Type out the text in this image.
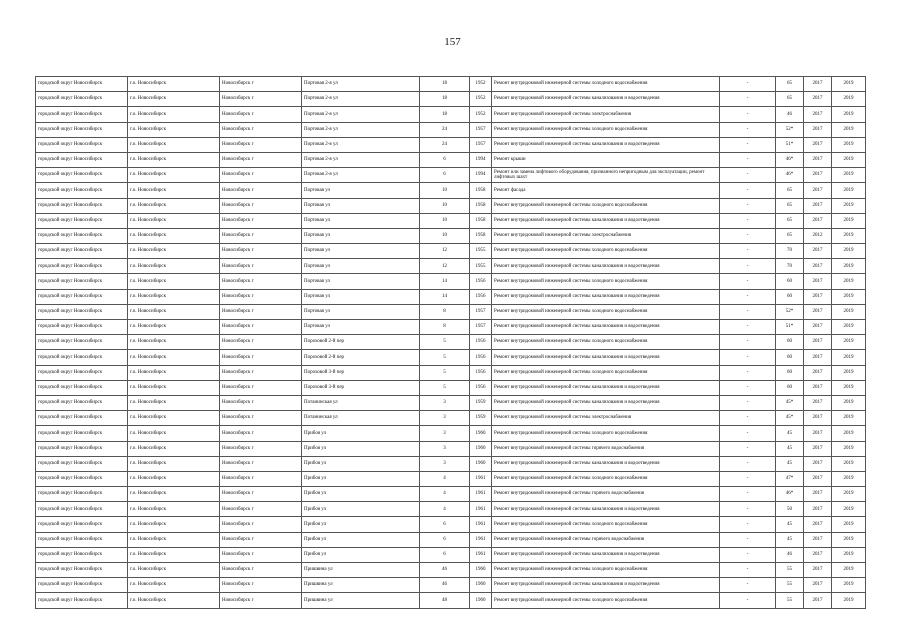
157
городской округ Новосибирск	г.о. Новосибирск	Новосибирск г	Портовая 2-я ул	18	1952	Ремонт внутридомовой инженерной системы холодного водоснабжения	-	65	2017	2019
городской округ Новосибирск	г.о. Новосибирск	Новосибирск г	Портовая 2-я ул	18	1952	Ремонт внутридомовой инженерной системы канализования и водоотведения	-	65	2017	2019
городской округ Новосибирск	г.о. Новосибирск	Новосибирск г	Портовая 2-я ул	18	1952	Ремонт внутридомовой инженерной системы электроснабжения	-	46	2017	2019
городской округ Новосибирск	г.о. Новосибирск	Новосибирск г	Портовая 2-я ул	24	1957	Ремонт внутридомовой инженерной системы холодного водоснабжения	-	52*	2017	2019
городской округ Новосибирск	г.о. Новосибирск	Новосибирск г	Портовая 2-я ул	24	1957	Ремонт внутридомовой инженерной системы канализования и водоотведения	-	51*	2017	2019
городской округ Новосибирск	г.о. Новосибирск	Новосибирск г	Портовая 2-я ул	6	1994	Ремонт крыши	-	46*	2017	2019
городской округ Новосибирск	г.о. Новосибирск	Новосибирск г	Портовая 2-я ул	6	1994	Ремонт или замена лифтового оборудования, признанного непригодным для эксплуатации, ремонт лифтовых шахт	-	46*	2017	2019
городской округ Новосибирск	г.о. Новосибирск	Новосибирск г	Портовая ул	10	1958	Ремонт фасада	-	65	2017	2019
городской округ Новосибирск	г.о. Новосибирск	Новосибирск г	Портовая ул	10	1958	Ремонт внутридомовой инженерной системы холодного водоснабжения	-	65	2017	2019
городской округ Новосибирск	г.о. Новосибирск	Новосибирск г	Портовая ул	10	1958	Ремонт внутридомовой инженерной системы канализования и водоотведения	-	65	2017	2019
городской округ Новосибирск	г.о. Новосибирск	Новосибирск г	Портовая ул	10	1958	Ремонт внутридомовой инженерной системы электроснабжения	-	65	2012	2019
городской округ Новосибирск	г.о. Новосибирск	Новосибирск г	Портовая ул	12	1955	Ремонт внутридомовой инженерной системы холодного водоснабжения	-	70	2017	2019
городской округ Новосибирск	г.о. Новосибирск	Новосибирск г	Портовая ул	12	1955	Ремонт внутридомовой инженерной системы канализования и водоотведения	-	70	2017	2019
городской округ Новосибирск	г.о. Новосибирск	Новосибирск г	Портовая ул	14	1956	Ремонт внутридомовой инженерной системы холодного водоснабжения	-	60	2017	2019
городской округ Новосибирск	г.о. Новосибирск	Новосибирск г	Портовая ул	14	1956	Ремонт внутридомовой инженерной системы канализования и водоотведения	-	60	2017	2019
городской округ Новосибирск	г.о. Новосибирск	Новосибирск г	Портовая ул	8	1957	Ремонт внутридомовой инженерной системы холодного водоснабжения	-	52*	2017	2019
городской округ Новосибирск	г.о. Новосибирск	Новосибирск г	Портовая ул	8	1957	Ремонт внутридомовой инженерной системы канализования и водоотведения	-	51*	2017	2019
городской округ Новосибирск	г.о. Новосибирск	Новосибирск г	Пороховой 2-й пер	5	1956	Ремонт внутридомовой инженерной системы холодного водоснабжения	-	60	2017	2019
городской округ Новосибирск	г.о. Новосибирск	Новосибирск г	Пороховой 2-й пер	5	1956	Ремонт внутридомовой инженерной системы канализования и водоотведения	-	60	2017	2019
городской округ Новосибирск	г.о. Новосибирск	Новосибирск г	Пороховой 3-й пер	5	1956	Ремонт внутридомовой инженерной системы холодного водоснабжения	-	60	2017	2019
городской округ Новосибирск	г.о. Новосибирск	Новосибирск г	Пороховой 3-й пер	5	1956	Ремонт внутридомовой инженерной системы канализования и водоотведения	-	60	2017	2019
городской округ Новосибирск	г.о. Новосибирск	Новосибирск г	Потанинская ул	3	1959	Ремонт внутридомовой инженерной системы канализования и водоотведения	-	45*	2017	2019
городской округ Новосибирск	г.о. Новосибирск	Новосибирск г	Потанинская ул	3	1959	Ремонт внутридомовой инженерной системы электроснабжения	-	45*	2017	2019
городской округ Новосибирск	г.о. Новосибирск	Новосибирск г	Прибоя ул	3	1960	Ремонт внутридомовой инженерной системы холодного водоснабжения	-	45	2017	2019
городской округ Новосибирск	г.о. Новосибирск	Новосибирск г	Прибоя ул	3	1960	Ремонт внутридомовой инженерной системы горячего водоснабжения	-	45	2017	2019
городской округ Новосибирск	г.о. Новосибирск	Новосибирск г	Прибоя ул	3	1960	Ремонт внутридомовой инженерной системы канализования и водоотведения	-	45	2017	2019
городской округ Новосибирск	г.о. Новосибирск	Новосибирск г	Прибоя ул	4	1961	Ремонт внутридомовой инженерной системы холодного водоснабжения	-	47*	2017	2019
городской округ Новосибирск	г.о. Новосибирск	Новосибирск г	Прибоя ул	4	1961	Ремонт внутридомовой инженерной системы горячего водоснабжения	-	46*	2017	2019
городской округ Новосибирск	г.о. Новосибирск	Новосибирск г	Прибоя ул	4	1961	Ремонт внутридомовой инженерной системы канализования и водоотведения	-	50	2017	2019
городской округ Новосибирск	г.о. Новосибирск	Новосибирск г	Прибоя ул	6	1961	Ремонт внутридомовой инженерной системы холодного водоснабжения	-	45	2017	2019
городской округ Новосибирск	г.о. Новосибирск	Новосибирск г	Прибоя ул	6	1961	Ремонт внутридомовой инженерной системы горячего водоснабжения	-	45	2017	2019
городской округ Новосибирск	г.о. Новосибирск	Новосибирск г	Прибоя ул	6	1961	Ремонт внутридомовой инженерной системы канализования и водоотведения	-	46	2017	2019
городской округ Новосибирск	г.о. Новосибирск	Новосибирск г	Пришвина ул	46	1960	Ремонт внутридомовой инженерной системы холодного водоснабжения	-	55	2017	2019
городской округ Новосибирск	г.о. Новосибирск	Новосибирск г	Пришвина ул	46	1960	Ремонт внутридомовой инженерной системы канализования и водоотведения	-	55	2017	2019
городской округ Новосибирск	г.о. Новосибирск	Новосибирск г	Пришвина ул	48	1960	Ремонт внутридомовой инженерной системы холодного водоснабжения	-	55	2017	2019
